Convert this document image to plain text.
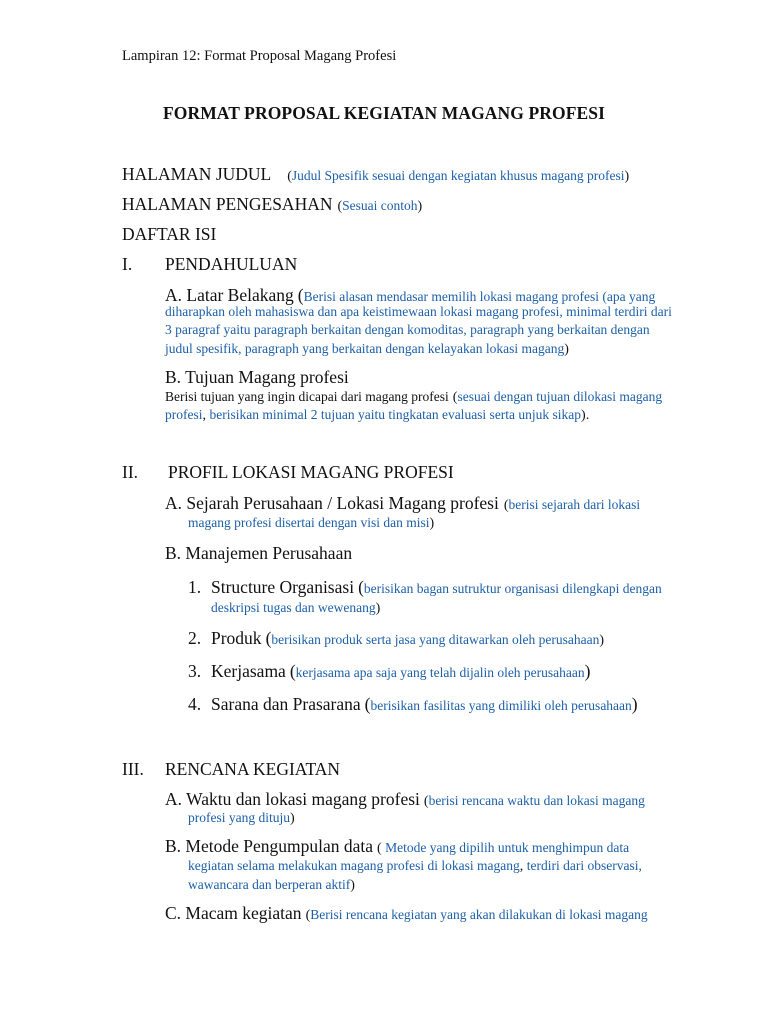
Lampiran 12: Format Proposal Magang Profesi
FORMAT PROPOSAL KEGIATAN MAGANG PROFESI
HALAMAN JUDUL (Judul Spesifik sesuai dengan kegiatan khusus magang profesi)
HALAMAN PENGESAHAN (Sesuai contoh)
DAFTAR ISI
I. PENDAHULUAN
A. Latar Belakang (Berisi alasan mendasar memilih lokasi magang profesi (apa yang
diharapkan oleh mahasiswa dan apa keistimewaan lokasi magang profesi, minimal terdiri dari
3 paragraf yaitu paragraph berkaitan dengan komoditas, paragraph yang berkaitan dengan
judul spesifik, paragraph yang berkaitan dengan kelayakan lokasi magang)
B. Tujuan Magang profesi
Berisi tujuan yang ingin dicapai dari magang profesi (sesuai dengan tujuan dilokasi magang
profesi, berisikan minimal 2 tujuan yaitu tingkatan evaluasi serta unjuk sikap).
II. PROFIL LOKASI MAGANG PROFESI
A. Sejarah Perusahaan / Lokasi Magang profesi (berisi sejarah dari lokasi
magang profesi disertai dengan visi dan misi)
B. Manajemen Perusahaan
1. Structure Organisasi (berisikan bagan sutruktur organisasi dilengkapi dengan
deskripsi tugas dan wewenang)
2. Produk (berisikan produk serta jasa yang ditawarkan oleh perusahaan)
3. Kerjasama (kerjasama apa saja yang telah dijalin oleh perusahaan)
4. Sarana dan Prasarana (berisikan fasilitas yang dimiliki oleh perusahaan)
III. RENCANA KEGIATAN
A. Waktu dan lokasi magang profesi (berisi rencana waktu dan lokasi magang
profesi yang dituju)
B. Metode Pengumpulan data ( Metode yang dipilih untuk menghimpun data
kegiatan selama melakukan magang profesi di lokasi magang, terdiri dari observasi,
wawancara dan berperan aktif)
C. Macam kegiatan (Berisi rencana kegiatan yang akan dilakukan di lokasi magang
